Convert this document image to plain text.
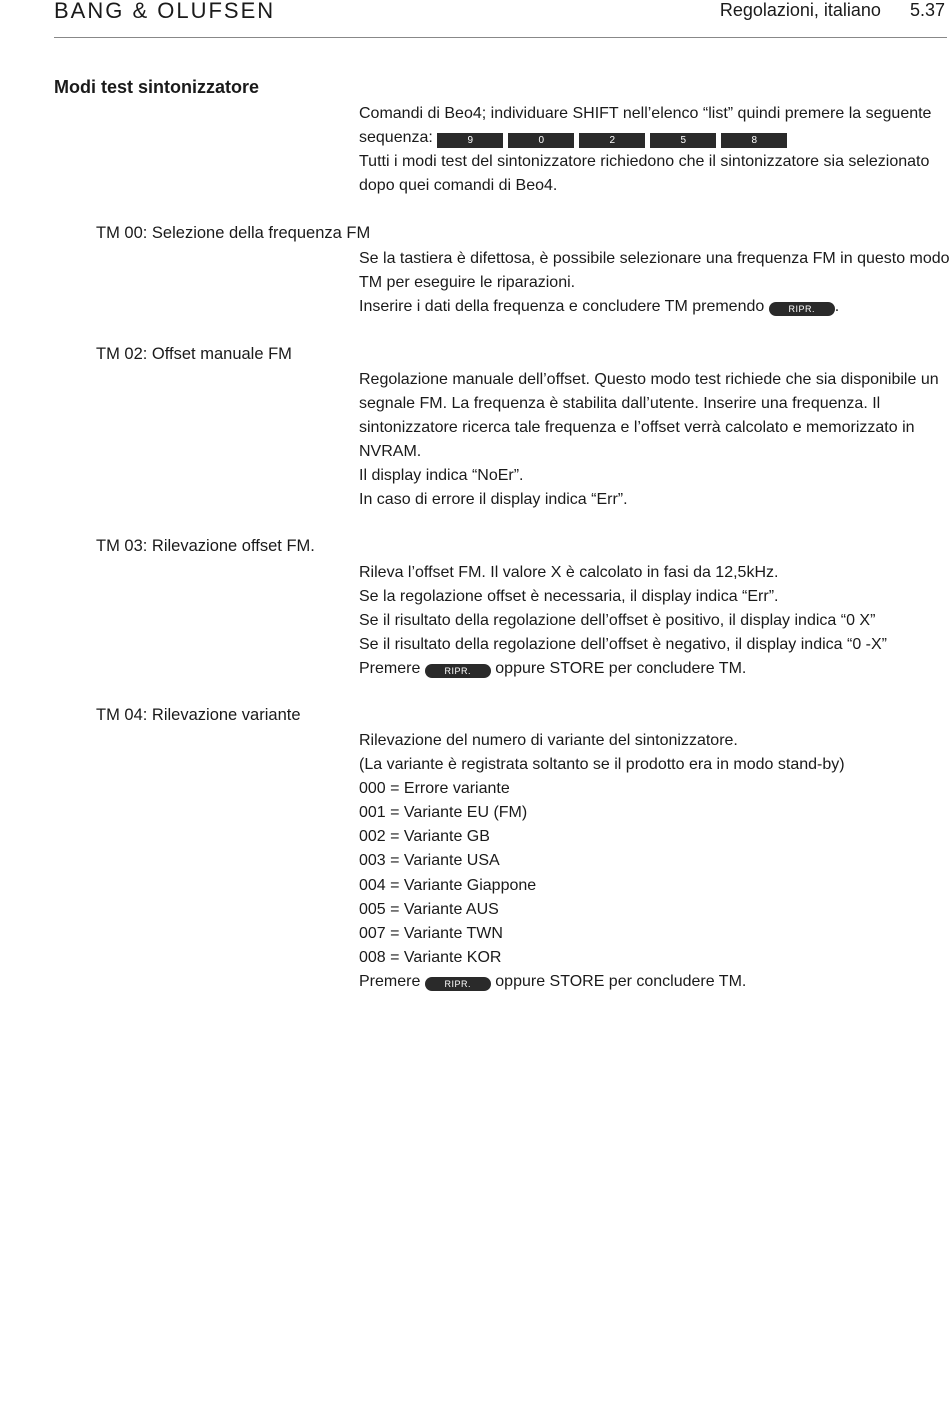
BANG & OLUFSEN	Regolazioni, italiano 5.37
Modi test sintonizzatore
Comandi di Beo4; individuare SHIFT nell’elenco “list” quindi premere la seguente
sequenza:	9	0	2	5	8
Tutti i modi test del sintonizzatore richiedono che il sintonizzatore sia selezionato
dopo quei comandi di Beo4.
TM 00: Selezione della frequenza FM
Se la tastiera è difettosa, è possibile selezionare una frequenza FM in questo modo
TM per eseguire le riparazioni.
Inserire i dati della frequenza e concludere TM premendo	RIPR. .
TM 02: Offset manuale FM
Regolazione manuale dell’offset. Questo modo test richiede che sia disponibile un
segnale FM. La frequenza è stabilita dall’utente. Inserire una frequenza. Il
sintonizzatore ricerca tale frequenza e l’offset verrà calcolato e memorizzato in
NVRAM.
Il display indica “NoEr”.
In caso di errore il display indica “Err”.
TM 03: Rilevazione offset FM.
Rileva l’offset FM. Il valore X è calcolato in fasi da 12,5kHz.
Se la regolazione offset è necessaria, il display indica “Err”.
Se il risultato della regolazione dell’offset è positivo, il display indica “0 X”
Se il risultato della regolazione dell’offset è negativo, il display indica “0 -X”
Premere	RIPR. oppure STORE per concludere TM.
TM 04: Rilevazione variante
Rilevazione del numero di variante del sintonizzatore.
(La variante è registrata soltanto se il prodotto era in modo stand-by)
000 = Errore variante
001 = Variante EU (FM)
002 = Variante GB
003 = Variante USA
004 = Variante Giappone
005 = Variante AUS
007 = Variante TWN
008 = Variante KOR
Premere	RIPR. oppure STORE per concludere TM.
